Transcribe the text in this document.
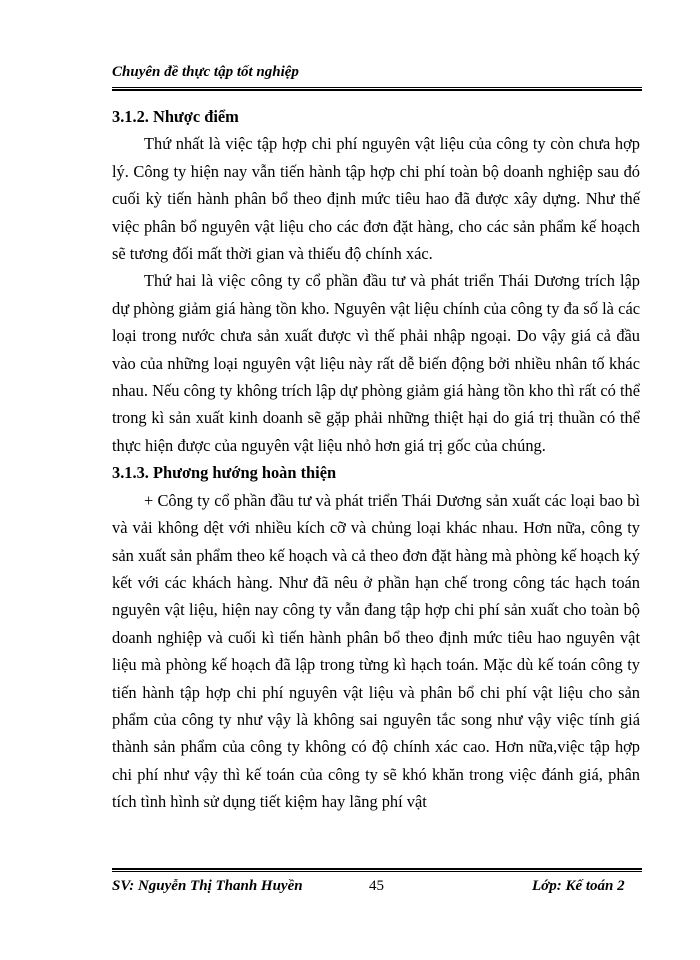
Chuyên đề thực tập tốt nghiệp
3.1.2. Nhược điểm

Thứ nhất là việc tập hợp chi phí nguyên vật liệu của công ty còn chưa hợp lý. Công ty hiện nay vẫn tiến hành tập hợp chi phí toàn bộ doanh nghiệp sau đó cuối kỳ tiến hành phân bổ theo định mức tiêu hao đã được xây dựng. Như thế việc phân bổ nguyên vật liệu cho các đơn đặt hàng, cho các sản phẩm kế hoạch sẽ tương đối mất thời gian và thiếu độ chính xác.

Thứ hai là việc công ty cổ phần đầu tư và phát triển Thái Dương trích lập dự phòng giảm giá hàng tồn kho. Nguyên vật liệu chính của công ty đa số là các loại trong nước chưa sản xuất được vì thế phải nhập ngoại. Do vậy giá cả đầu vào của những loại nguyên vật liệu này rất dễ biến động bởi nhiều nhân tố khác nhau. Nếu công ty không trích lập dự phòng giảm giá hàng tồn kho thì rất có thể trong kì sản xuất kinh doanh sẽ gặp phải những thiệt hại do giá trị thuần có thể thực hiện được của nguyên vật liệu nhỏ hơn giá trị gốc của chúng.

3.1.3. Phương hướng hoàn thiện

+ Công ty cổ phần đầu tư và phát triển Thái Dương sản xuất các loại bao bì và vải không dệt với nhiều kích cỡ và chủng loại khác nhau. Hơn nữa, công ty sản xuất sản phẩm theo kế hoạch và cả theo đơn đặt hàng mà phòng kế hoạch ký kết với các khách hàng. Như đã nêu ở phần hạn chế trong công tác hạch toán nguyên vật liệu, hiện nay công ty vẫn đang tập hợp chi phí sản xuất cho toàn bộ doanh nghiệp và cuối kì tiến hành phân bổ theo định mức tiêu hao nguyên vật liệu mà phòng kế hoạch đã lập trong từng kì hạch toán. Mặc dù kế toán công ty tiến hành tập hợp chi phí nguyên vật liệu và phân bổ chi phí vật liệu cho sản phẩm của công ty như vậy là không sai nguyên tắc song như vậy việc tính giá thành sản phẩm của công ty không có độ chính xác cao. Hơn nữa,việc tập hợp chi phí như vậy thì kế toán của công ty sẽ khó khăn trong việc đánh giá, phân tích tình hình sử dụng tiết kiệm hay lãng phí vật

SV: Nguyễn Thị Thanh Huyền	45	Lớp: Kế toán 2
